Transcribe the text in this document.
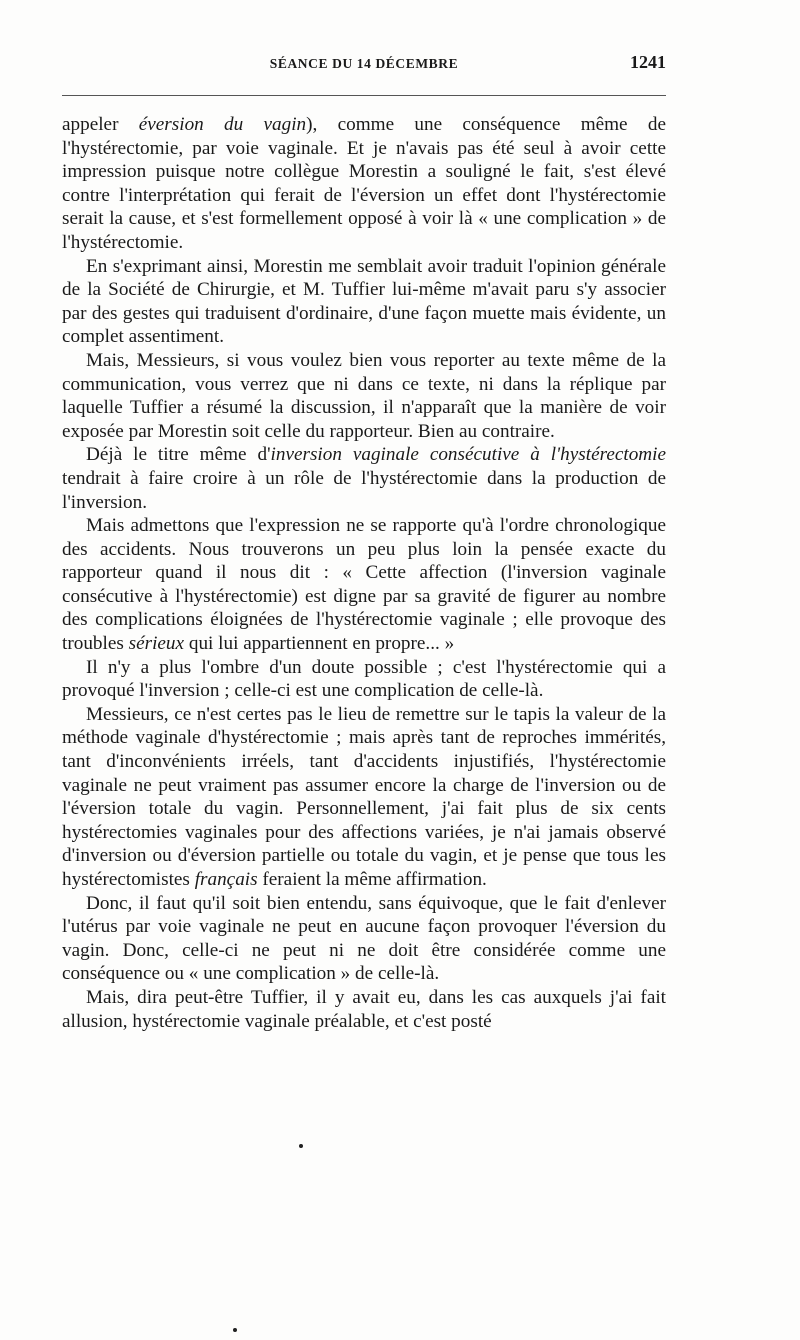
SÉANCE DU 14 DÉCEMBRE	1241

appeler éversion du vagin), comme une conséquence même de l'hystérectomie, par voie vaginale. Et je n'avais pas été seul à avoir cette impression puisque notre collègue Morestin a souligné le fait, s'est élevé contre l'interprétation qui ferait de l'éversion un effet dont l'hystérectomie serait la cause, et s'est formellement opposé à voir là « une complication » de l'hystérectomie.

En s'exprimant ainsi, Morestin me semblait avoir traduit l'opinion générale de la Société de Chirurgie, et M. Tuffier lui-même m'avait paru s'y associer par des gestes qui traduisent d'ordinaire, d'une façon muette mais évidente, un complet assentiment.

Mais, Messieurs, si vous voulez bien vous reporter au texte même de la communication, vous verrez que ni dans ce texte, ni dans la réplique par laquelle Tuffier a résumé la discussion, il n'apparaît que la manière de voir exposée par Morestin soit celle du rapporteur. Bien au contraire.

Déjà le titre même d'inversion vaginale consécutive à l'hystérectomie tendrait à faire croire à un rôle de l'hystérectomie dans la production de l'inversion.

Mais admettons que l'expression ne se rapporte qu'à l'ordre chronologique des accidents. Nous trouverons un peu plus loin la pensée exacte du rapporteur quand il nous dit : « Cette affection (l'inversion vaginale consécutive à l'hystérectomie) est digne par sa gravité de figurer au nombre des complications éloignées de l'hystérectomie vaginale ; elle provoque des troubles sérieux qui lui appartiennent en propre... »

Il n'y a plus l'ombre d'un doute possible ; c'est l'hystérectomie qui a provoqué l'inversion ; celle-ci est une complication de celle-là.

Messieurs, ce n'est certes pas le lieu de remettre sur le tapis la valeur de la méthode vaginale d'hystérectomie ; mais après tant de reproches immérités, tant d'inconvénients irréels, tant d'accidents injustifiés, l'hystérectomie vaginale ne peut vraiment pas assumer encore la charge de l'inversion ou de l'éversion totale du vagin. Personnellement, j'ai fait plus de six cents hystérectomies vaginales pour des affections variées, je n'ai jamais observé d'inversion ou d'éversion partielle ou totale du vagin, et je pense que tous les hystérectomistes français feraient la même affirmation.

Donc, il faut qu'il soit bien entendu, sans équivoque, que le fait d'enlever l'utérus par voie vaginale ne peut en aucune façon provoquer l'éversion du vagin. Donc, celle-ci ne peut ni ne doit être considérée comme une conséquence ou « une complication » de celle-là.

Mais, dira peut-être Tuffier, il y avait eu, dans les cas auxquels j'ai fait allusion, hystérectomie vaginale préalable, et c'est posté
